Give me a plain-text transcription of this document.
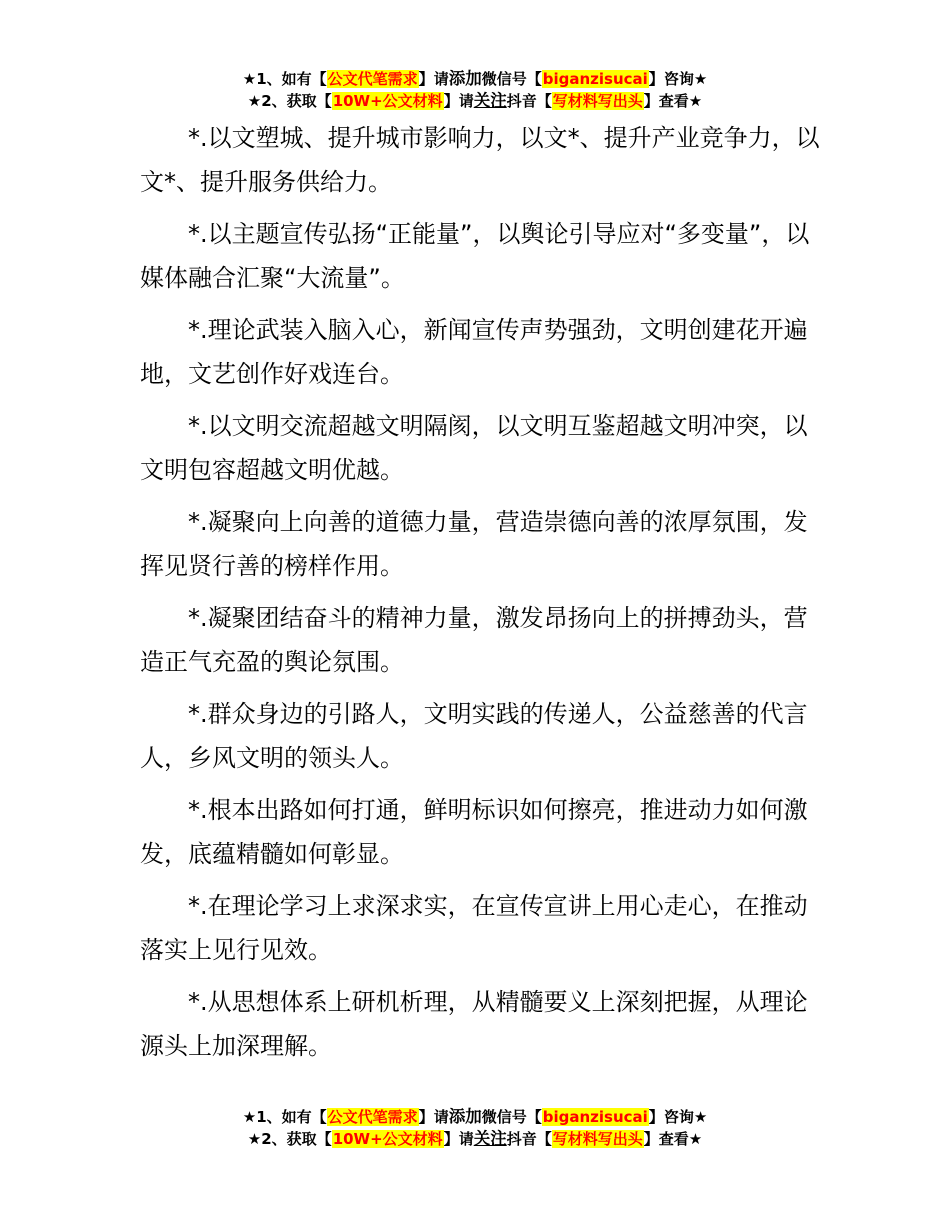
★1、如有【公文代笔需求】请添加微信号【biganzisucai】咨询★
★2、获取【10W+公文材料】请关注抖音【写材料写出头】查看★

*.以文塑城、提升城市影响力，以文*、提升产业竞争力，以文*、提升服务供给力。

*.以主题宣传弘扬“正能量”，以舆论引导应对“多变量”，以媒体融合汇聚“大流量”。

*.理论武装入脑入心，新闻宣传声势强劲，文明创建花开遍地，文艺创作好戏连台。

*.以文明交流超越文明隔阂，以文明互鉴超越文明冲突，以文明包容超越文明优越。

*.凝聚向上向善的道德力量，营造崇德向善的浓厚氛围，发挥见贤行善的榜样作用。

*.凝聚团结奋斗的精神力量，激发昂扬向上的拼搏劲头，营造正气充盈的舆论氛围。

*.群众身边的引路人，文明实践的传递人，公益慈善的代言人，乡风文明的领头人。

*.根本出路如何打通，鲜明标识如何擦亮，推进动力如何激发，底蕴精髓如何彰显。

*.在理论学习上求深求实，在宣传宣讲上用心走心，在推动落实上见行见效。

*.从思想体系上研机析理，从精髓要义上深刻把握，从理论源头上加深理解。

★1、如有【公文代笔需求】请添加微信号【biganzisucai】咨询★
★2、获取【10W+公文材料】请关注抖音【写材料写出头】查看★
